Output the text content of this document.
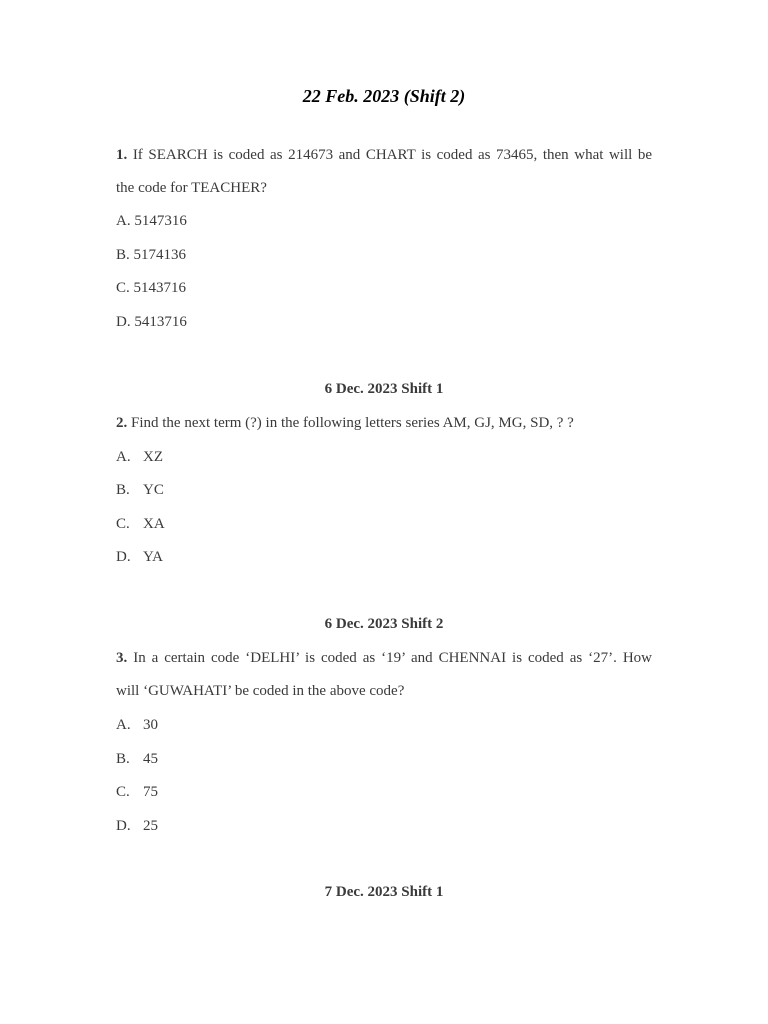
22 Feb. 2023 (Shift 2)

1. If SEARCH is coded as 214673 and CHART is coded as 73465, then what will be

the code for TEACHER?

A. 5147316

B. 5174136

C. 5143716

D. 5413716

6 Dec. 2023 Shift 1

2. Find the next term (?) in the following letters series AM, GJ, MG, SD, ? ?

A. XZ

B. YC

C. XA

D. YA

6 Dec. 2023 Shift 2

3. In a certain code ‘DELHI’ is coded as ‘19’ and CHENNAI is coded as ‘27’. How

will ‘GUWAHATI’ be coded in the above code?

A. 30

B. 45

C. 75

D. 25

7 Dec. 2023 Shift 1
